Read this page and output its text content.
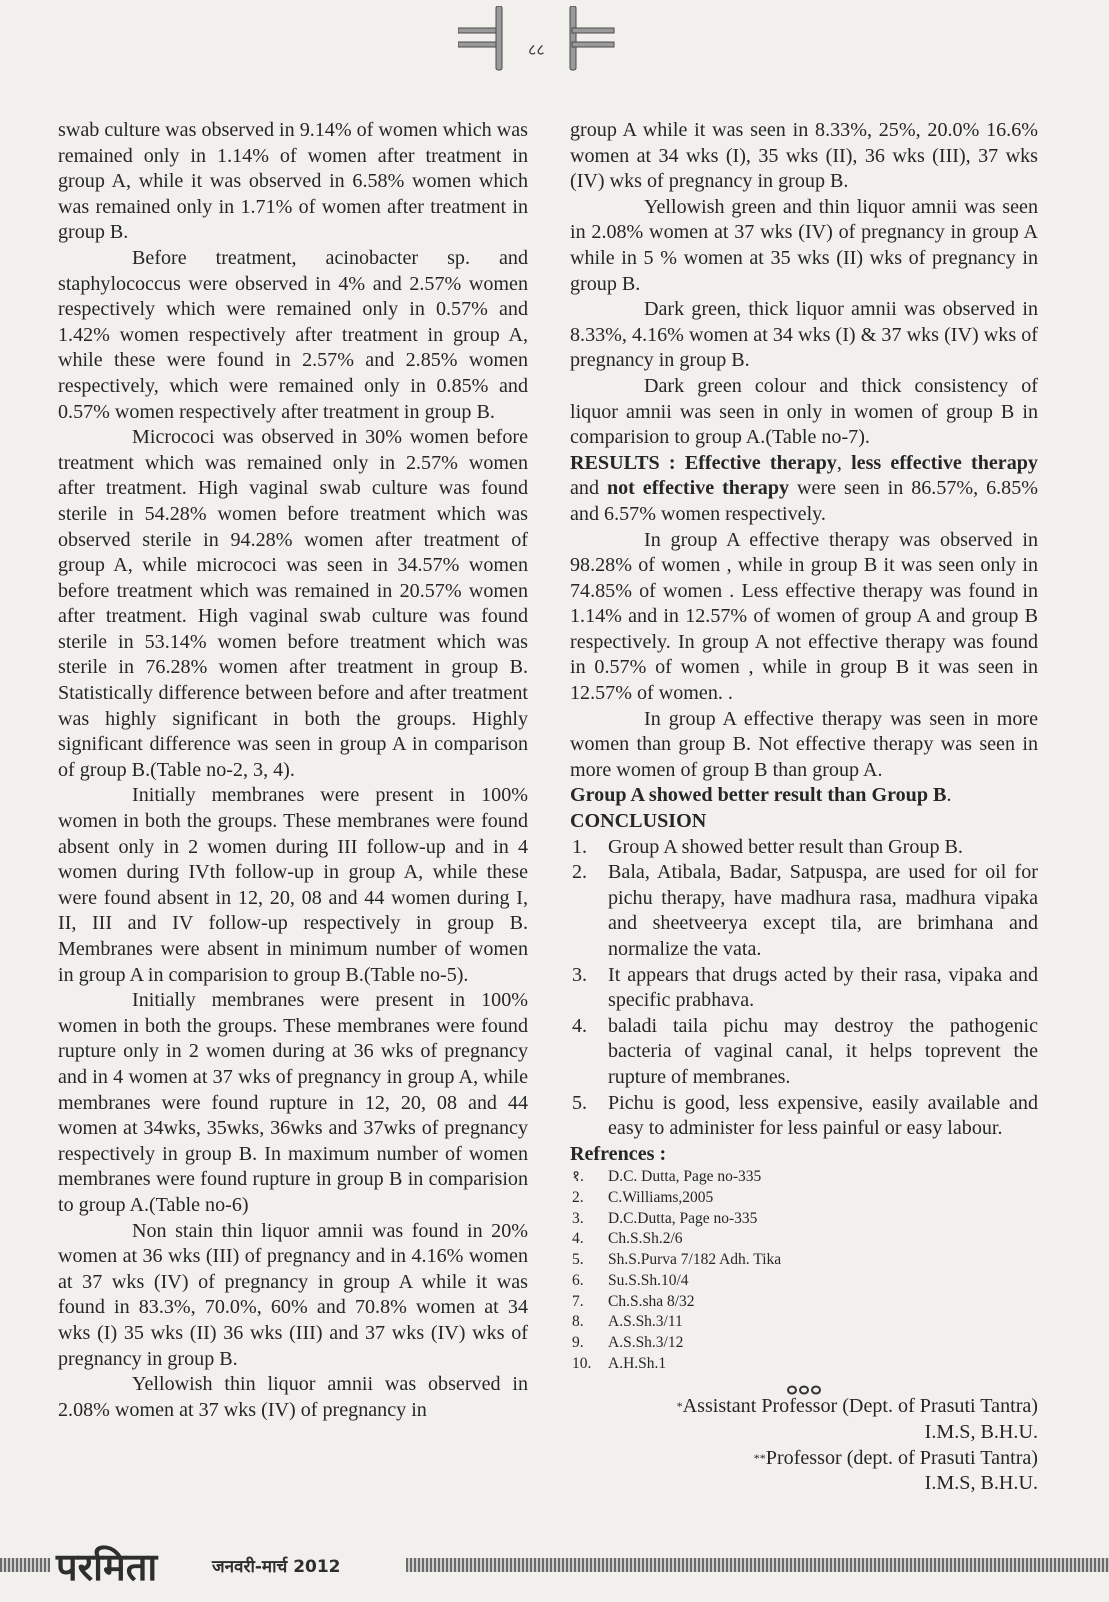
८८

swab culture was observed in 9.14% of women which was remained only in 1.14% of women after treatment in group A, while it was observed in 6.58% women which was remained only in 1.71% of women after treatment in group B.

Before treatment, acinobacter sp. and staphylococcus were observed in 4% and 2.57% women respectively which were remained only in 0.57% and 1.42% women respectively after treatment in group A, while these were found in 2.57% and 2.85% women respectively, which were remained only in 0.85% and 0.57% women respectively after treatment in group B.

Micrococi was observed in 30% women before treatment which was remained only in 2.57% women after treatment. High vaginal swab culture was found sterile in 54.28% women before treatment which was observed sterile in 94.28% women after treatment of group A, while micrococi was seen in 34.57% women before treatment which was remained in 20.57% women after treatment. High vaginal swab culture was found sterile in 53.14% women before treatment which was sterile in 76.28% women after treatment in group B. Statistically difference between before and after treatment was highly significant in both the groups. Highly significant difference was seen in group A in comparison of group B.(Table no-2, 3, 4).

Initially membranes were present in 100% women in both the groups. These membranes were found absent only in 2 women during III follow-up and in 4 women during IVth follow-up in group A, while these were found absent in 12, 20, 08 and 44 women during I, II, III and IV follow-up respectively in group B. Membranes were absent in minimum number of women in group A in comparision to group B.(Table no-5).

Initially membranes were present in 100% women in both the groups. These membranes were found rupture only in 2 women during at 36 wks of pregnancy and in 4 women at 37 wks of pregnancy in group A, while membranes were found rupture in 12, 20, 08 and 44 women at 34wks, 35wks, 36wks and 37wks of pregnancy respectively in group B. In maximum number of women membranes were found rupture in group B in comparision to group A.(Table no-6)

Non stain thin liquor amnii was found in 20% women at 36 wks (III) of pregnancy and in 4.16% women at 37 wks (IV) of pregnancy in group A while it was found in 83.3%, 70.0%, 60% and 70.8% women at 34 wks (I) 35 wks (II) 36 wks (III) and 37 wks (IV) wks of pregnancy in group B.

Yellowish thin liquor amnii was observed in 2.08% women at 37 wks (IV) of pregnancy in

group A while it was seen in 8.33%, 25%, 20.0% 16.6% women at 34 wks (I), 35 wks (II), 36 wks (III), 37 wks (IV) wks of pregnancy in group B.

Yellowish green and thin liquor amnii was seen in 2.08% women at 37 wks (IV) of pregnancy in group A while in 5 % women at 35 wks (II) wks of pregnancy in group B.

Dark green, thick liquor amnii was observed in 8.33%, 4.16% women at 34 wks (I) & 37 wks (IV) wks of pregnancy in group B.

Dark green colour and thick consistency of liquor amnii was seen in only in women of group B in comparision to group A.(Table no-7).

RESULTS : Effective therapy, less effective therapy and not effective therapy were seen in 86.57%, 6.85% and 6.57% women respectively.

In group A effective therapy was observed in 98.28% of women , while in group B it was seen only in 74.85% of women . Less effective therapy was found in 1.14% and in 12.57% of women of group A and group B respectively. In group A not effective therapy was found in 0.57% of women , while in group B it was seen in 12.57% of women. .

In group A effective therapy was seen in more women than group B. Not effective therapy was seen in more women of group B than group A.

Group A showed better result than Group B.

CONCLUSION

1. Group A showed better result than Group B.
2. Bala, Atibala, Badar, Satpuspa, are used for oil for pichu therapy, have madhura rasa, madhura vipaka and sheetveerya except tila, are brimhana and normalize the vata.
3. It appears that drugs acted by their rasa, vipaka and specific prabhava.
4. baladi taila pichu may destroy the pathogenic bacteria of vaginal canal, it helps toprevent the rupture of membranes.
5. Pichu is good, less expensive, easily available and easy to administer for less painful or easy labour.

Refrences :

१. D.C. Dutta, Page no-335
2. C.Williams,2005
3. D.C.Dutta, Page no-335
4. Ch.S.Sh.2/6
5. Sh.S.Purva 7/182 Adh. Tika
6. Su.S.Sh.10/4
7. Ch.S.sha 8/32
8. A.S.Sh.3/11
9. A.S.Sh.3/12
10. A.H.Sh.1
*Assistant Professor (Dept. of Prasuti Tantra)
I.M.S, B.H.U.
**Professor (dept. of Prasuti Tantra)
I.M.S, B.H.U.
परमिता	जनवरी-मार्च 2012
